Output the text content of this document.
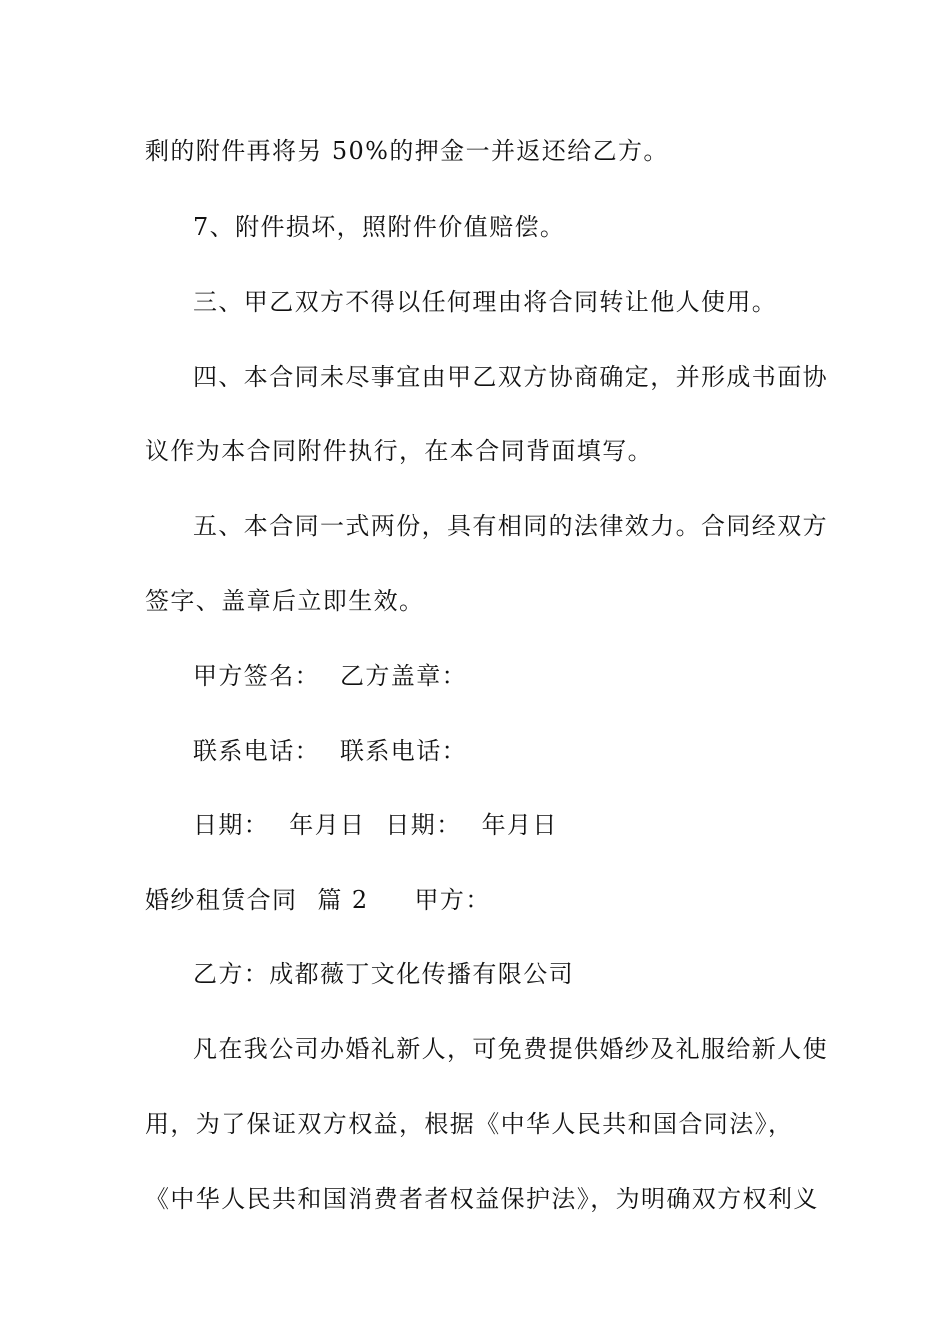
剩的附件再将另 50%的押金一并返还给乙方。
7、附件损坏，照附件价值赔偿。
三、甲乙双方不得以任何理由将合同转让他人使用。
四、本合同未尽事宜由甲乙双方协商确定，并形成书面协
议作为本合同附件执行，在本合同背面填写。
五、本合同一式两份，具有相同的法律效力。合同经双方
签字、盖章后立即生效。
甲方签名： 乙方盖章：
联系电话： 联系电话：
日期： 年月日 日期： 年月日
婚纱租赁合同 篇 2 甲方：
乙方：成都薇丁文化传播有限公司
凡在我公司办婚礼新人，可免费提供婚纱及礼服给新人使
用，为了保证双方权益，根据《中华人民共和国合同法》，
《中华人民共和国消费者者权益保护法》，为明确双方权利义
